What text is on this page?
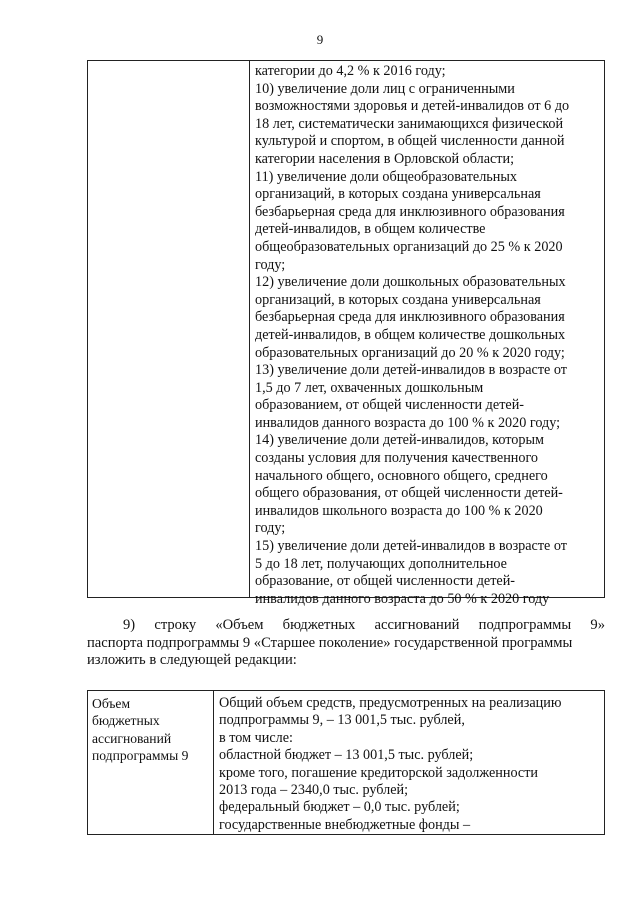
9
категории до 4,2 % к 2016 году;
10) увеличение доли лиц с ограниченными
возможностями здоровья и детей-инвалидов от 6 до
18 лет, систематически занимающихся физической
культурой и спортом, в общей численности данной
категории населения в Орловской области;
11) увеличение доли общеобразовательных
организаций, в которых создана универсальная
безбарьерная среда для инклюзивного образования
детей-инвалидов, в общем количестве
общеобразовательных организаций до 25 % к 2020
году;
12) увеличение доли дошкольных образовательных
организаций, в которых создана универсальная
безбарьерная среда для инклюзивного образования
детей-инвалидов, в общем количестве дошкольных
образовательных организаций до 20 % к 2020 году;
13) увеличение доли детей-инвалидов в возрасте от
1,5 до 7 лет, охваченных дошкольным
образованием, от общей численности детей-
инвалидов данного возраста до 100 % к 2020 году;
14) увеличение доли детей-инвалидов, которым
созданы условия для получения качественного
начального общего, основного общего, среднего
общего образования, от общей численности детей-
инвалидов школьного возраста до 100 % к 2020
году;
15) увеличение доли детей-инвалидов в возрасте от
5 до 18 лет, получающих дополнительное
образование, от общей численности детей-
инвалидов данного возраста до 50 % к 2020 году
9) строку «Объем бюджетных ассигнований подпрограммы 9»
паспорта подпрограммы 9 «Старшее поколение» государственной программы
изложить в следующей редакции:
Объем
бюджетных
ассигнований
подпрограммы 9
Общий объем средств, предусмотренных на реализацию
подпрограммы 9, – 13 001,5 тыс. рублей,
в том числе:
областной бюджет – 13 001,5 тыс. рублей;
кроме того, погашение кредиторской задолженности
2013 года – 2340,0 тыс. рублей;
федеральный бюджет – 0,0 тыс. рублей;
государственные внебюджетные фонды –
